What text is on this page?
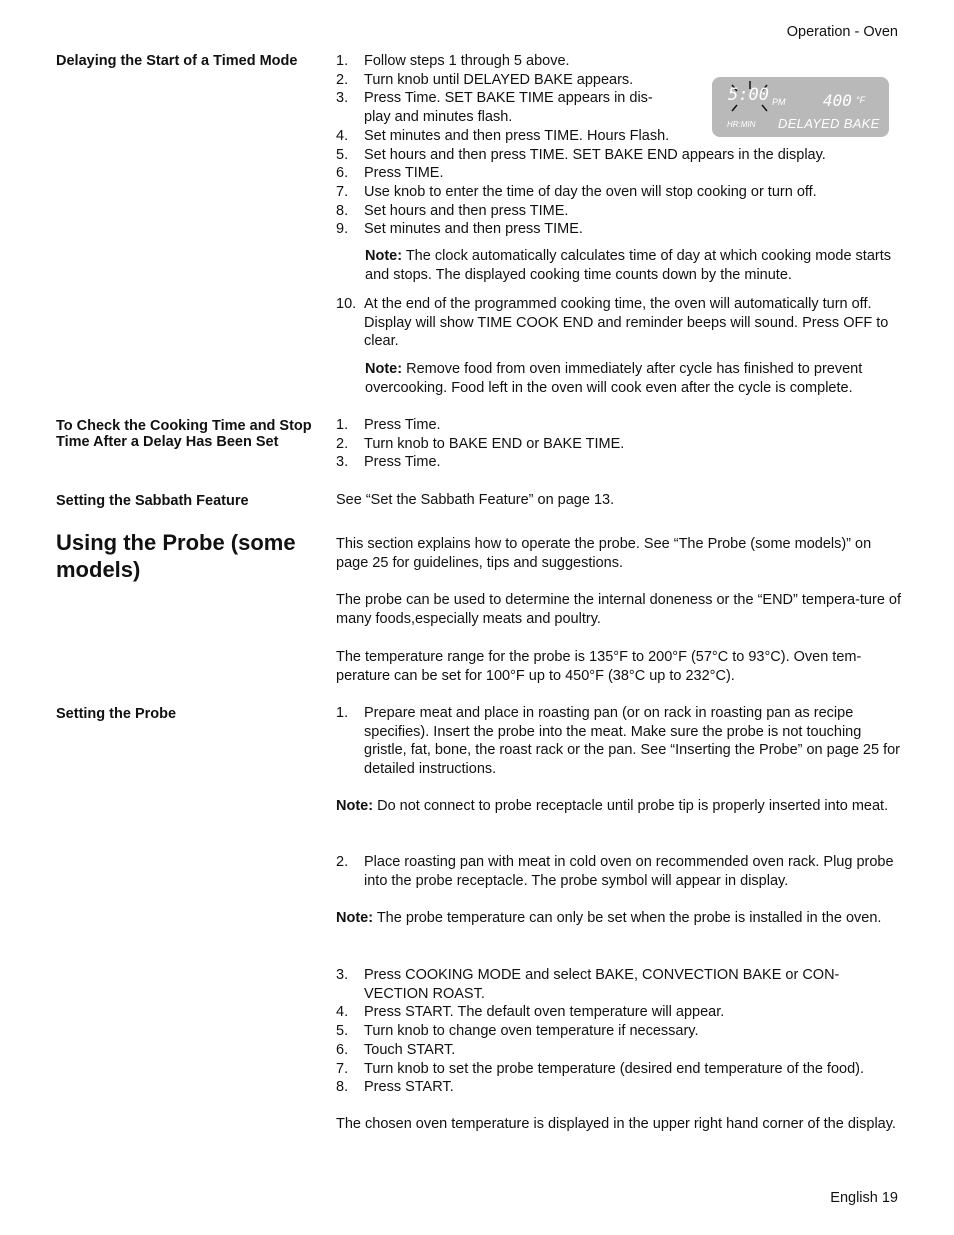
Operation - Oven
Delaying the Start of a Timed Mode	1.	Follow steps 1 through 5 above.
2.	Turn knob until DELAYED BAKE appears.
3.	Press Time. SET BAKE TIME appears in dis-
play and minutes flash.
4.	Set minutes and then press TIME. Hours Flash.
5.	Set hours and then press TIME. SET BAKE END appears in the display.
6.	Press TIME.
7.	Use knob to enter the time of day the oven will stop cooking or turn off.
8.	Set hours and then press TIME.
9.	Set minutes and then press TIME.
5:00 PM 400 °F
HR:MIN DELAYED BAKE

Note: The clock automatically calculates time of day at which cooking mode starts and stops. The displayed cooking time counts down by the minute.

10. At the end of the programmed cooking time, the oven will automatically turn off. Display will show TIME COOK END and reminder beeps will sound. Press OFF to clear.

Note: Remove food from oven immediately after cycle has finished to prevent overcooking. Food left in the oven will cook even after the cycle is complete.

To Check the Cooking Time and Stop Time After a Delay Has Been Set
1.	Press Time.
2.	Turn knob to BAKE END or BAKE TIME.
3.	Press Time.
Setting the Sabbath Feature	See “Set the Sabbath Feature” on page 13.

Using the Probe (some models)

This section explains how to operate the probe. See “The Probe (some models)” on page 25 for guidelines, tips and suggestions.

The probe can be used to determine the internal doneness or the “END” tempera-ture of many foods,especially meats and poultry.

The temperature range for the probe is 135°F to 200°F (57°C to 93°C). Oven tem-perature can be set for 100°F up to 450°F (38°C up to 232°C).

Setting the Probe	1.	Prepare meat and place in roasting pan (or on rack in roasting pan as recipe specifies). Insert the probe into the meat. Make sure the probe is not touching gristle, fat, bone, the roast rack or the pan. See “Inserting the Probe” on page 25 for detailed instructions.

Note: Do not connect to probe receptacle until probe tip is properly inserted into meat.

2.	Place roasting pan with meat in cold oven on recommended oven rack. Plug probe into the probe receptacle. The probe symbol will appear in display.

Note: The probe temperature can only be set when the probe is installed in the oven.

3.	Press COOKING MODE and select BAKE, CONVECTION BAKE or CON-
VECTION ROAST.
4.	Press START. The default oven temperature will appear.
5.	Turn knob to change oven temperature if necessary.
6.	Touch START.
7.	Turn knob to set the probe temperature (desired end temperature of the food).
8.	Press START.

The chosen oven temperature is displayed in the upper right hand corner of the display.

English 19
